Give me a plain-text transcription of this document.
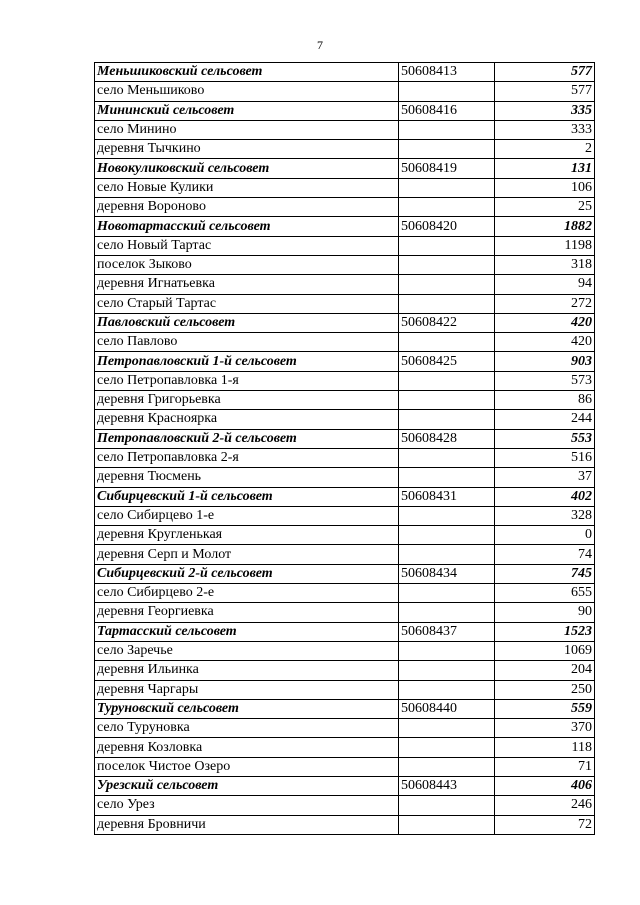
7
Меньшиковский сельсовет	50608413	577
село Меньшиково		577
Мининский сельсовет	50608416	335
село Минино		333
деревня Тычкино		2
Новокуликовский сельсовет	50608419	131
село Новые Кулики		106
деревня Вороново		25
Новотартасский сельсовет	50608420	1882
село Новый Тартас		1198
поселок Зыково		318
деревня Игнатьевка		94
село Старый Тартас		272
Павловский сельсовет	50608422	420
село Павлово		420
Петропавловский 1-й сельсовет	50608425	903
село Петропавловка 1-я		573
деревня Григорьевка		86
деревня Краснoярка		244
Петропавловский 2-й сельсовет	50608428	553
село Петропавловка 2-я		516
деревня Тюсмень		37
Сибирцевский 1-й сельсовет	50608431	402
село Сибирцево 1-е		328
деревня Кругленькая		0
деревня Серп и Молот		74
Сибирцевский 2-й сельсовет	50608434	745
село Сибирцево 2-е		655
деревня Георгиевка		90
Тартасский сельсовет	50608437	1523
село Заречье		1069
деревня Ильинка		204
деревня Чаргары		250
Туруновский сельсовет	50608440	559
село Туруновка		370
деревня Козловка		118
поселок Чистое Озеро		71
Урезский сельсовет	50608443	406
село Урез		246
деревня Бровничи		72
